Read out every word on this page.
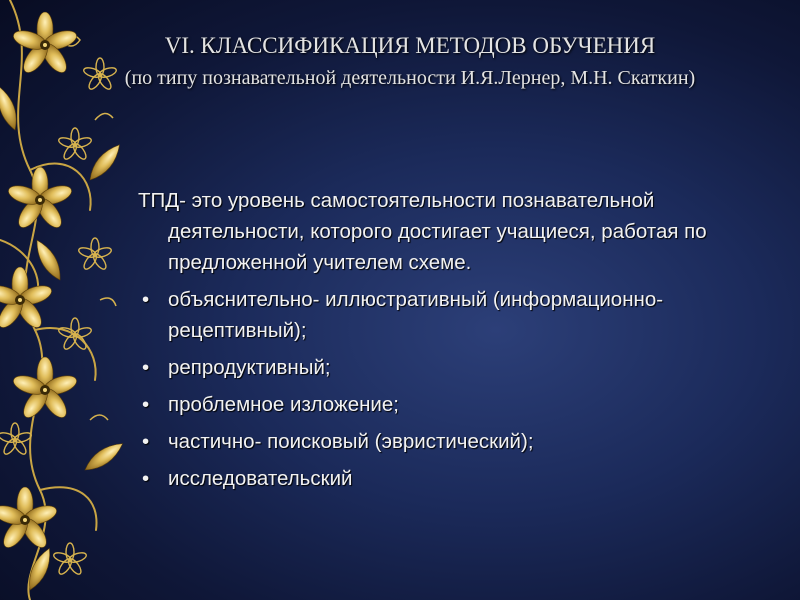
VI. КЛАССИФИКАЦИЯ МЕТОДОВ ОБУЧЕНИЯ
(по типу познавательной деятельности И.Я.Лернер, М.Н. Скаткин)

ТПД- это уровень самостоятельности познавательной деятельности, которого достигает учащиеся, работая по предложенной учителем схеме.

• объяснительно- иллюстративный (информационно- рецептивный);
• репродуктивный;
• проблемное изложение;
• частично- поисковый (эвристический);
• исследовательский
